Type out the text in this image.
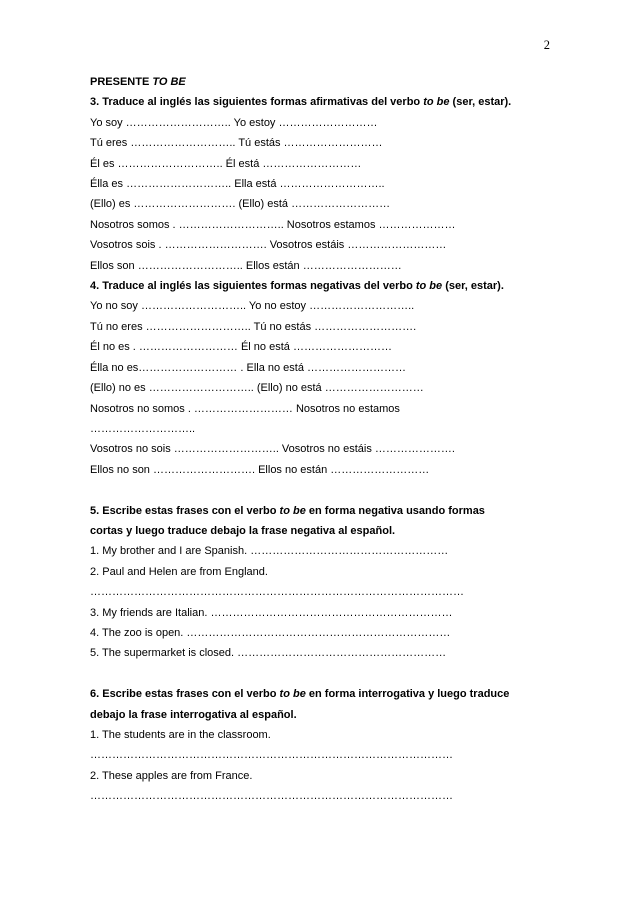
2
PRESENTE TO BE
3. Traduce al inglés las siguientes formas afirmativas del verbo to be (ser, estar).
Yo soy ……………………….. Yo estoy ………………………
Tú eres ……………………….. Tú estás ………………………
Él es ……………………….. Él está ………………………
Élla es ……………………….. Ella está ………………………..
(Ello) es ………………………. (Ello) está ………………………
Nosotros somos . ……………………….. Nosotros estamos …………………
Vosotros sois . ………………………. Vosotros estáis ………………………
Ellos son ……………………….. Ellos están ………………………
4. Traduce al inglés las siguientes formas negativas del verbo to be (ser, estar).
Yo no soy ……………………….. Yo no estoy ………………………..
Tú no eres ……………………….. Tú no estás ……………………….
Él no es . ……………………… Él no está ………………………
Élla no es……………………… . Ella no está ………………………
(Ello) no es ……………………….. (Ello) no está ………………………
Nosotros no somos . ……………………… Nosotros no estamos
………………………..
Vosotros no sois ……………………….. Vosotros no estáis ………………….
Ellos no son ………………………. Ellos no están ………………………
5. Escribe estas frases con el verbo to be en forma negativa usando formas
cortas y luego traduce debajo la frase negativa al español.
1. My brother and I are Spanish. ………………………………………………
2. Paul and Helen are from England.
…………………………………………………………………………………………
3. My friends are Italian. …………………………………………………………
4. The zoo is open. ………………………………………………………………
5. The supermarket is closed. …………………………………………………
6. Escribe estas frases con el verbo to be en forma interrogativa y luego traduce
debajo la frase interrogativa al español.
1. The students are in the classroom.
………………………………………………………………………………………
2. These apples are from France.
………………………………………………………………………………………
